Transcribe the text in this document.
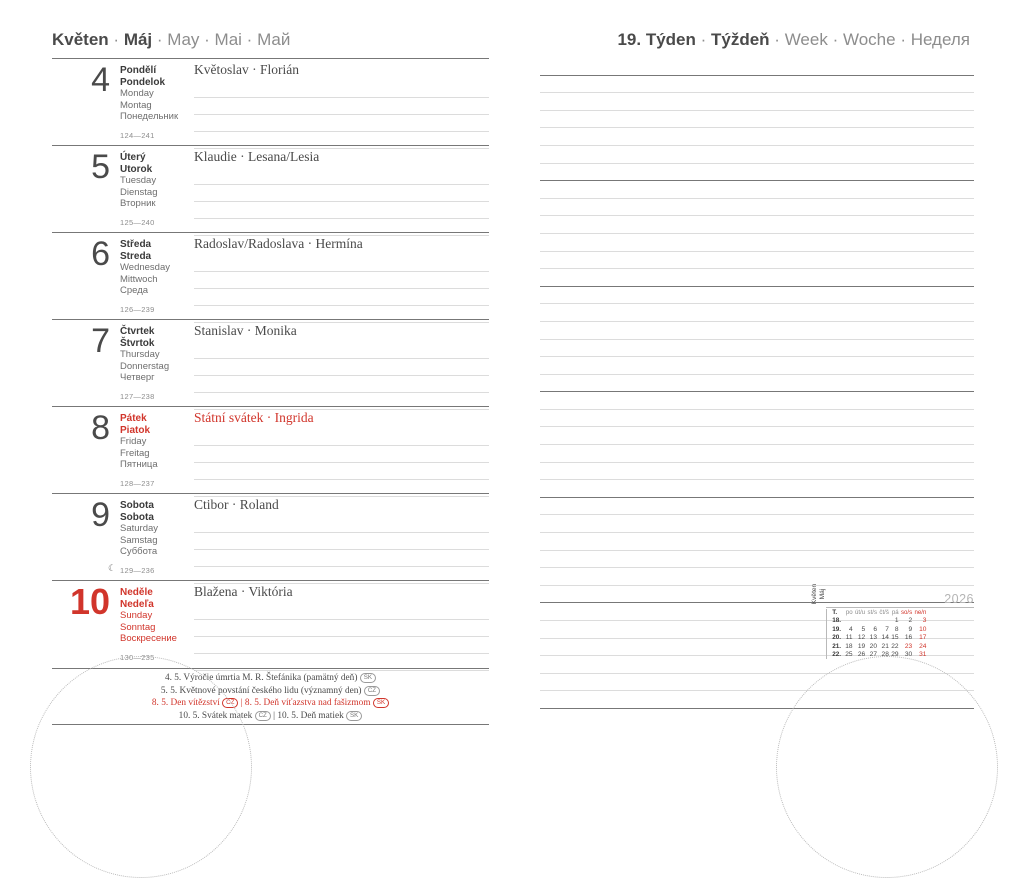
Květen · Máj · May · Mai · Май	19. Týden · Týždeň · Week · Woche · Неделя
4 Pondělí
Pondelok
Monday
Montag
Понедельник
124—241
Květoslav · Florián
5 Úterý
Utorok
Tuesday
Dienstag
Вторник
125—240
Klaudie · Lesana/Lesia
6 Středa
Streda
Wednesday
Mittwoch
Среда
126—239
Radoslav/Radoslava · Hermína
7 Čtvrtek
Štvrtok
Thursday
Donnerstag
Четверг
127—238
Stanislav · Monika
8 Pátek
Piatok
Friday
Freitag
Пятница
128—237
Státní svátek · Ingrida
9 Sobota
Sobota
Saturday
Samstag
Суббота
☾ 129—236
Ctibor · Roland
10 Neděle
Nedeľa
Sunday
Sonntag
Воскресение
130—235
Blažena · Viktória
4. 5. Výročie úmrtia M. R. Štefánika (pamätný deň) SK
5. 5. Květnové povstání českého lidu (významný den) CZ
8. 5. Den vítězství CZ | 8. 5. Deň víťazstva nad fašizmom SK
10. 5. Svátek matek CZ | 10. 5. Deň matiek SK
2026
Květen
Máj
T.	po	út/u	st/s	čt/š	pá	so/s	ne/n
18.					1	2	3
19.	4	5	6	7	8	9	10
20.	11	12	13	14	15	16	17
21.	18	19	20	21	22	23	24
22.	25	26	27	28	29	30	31
